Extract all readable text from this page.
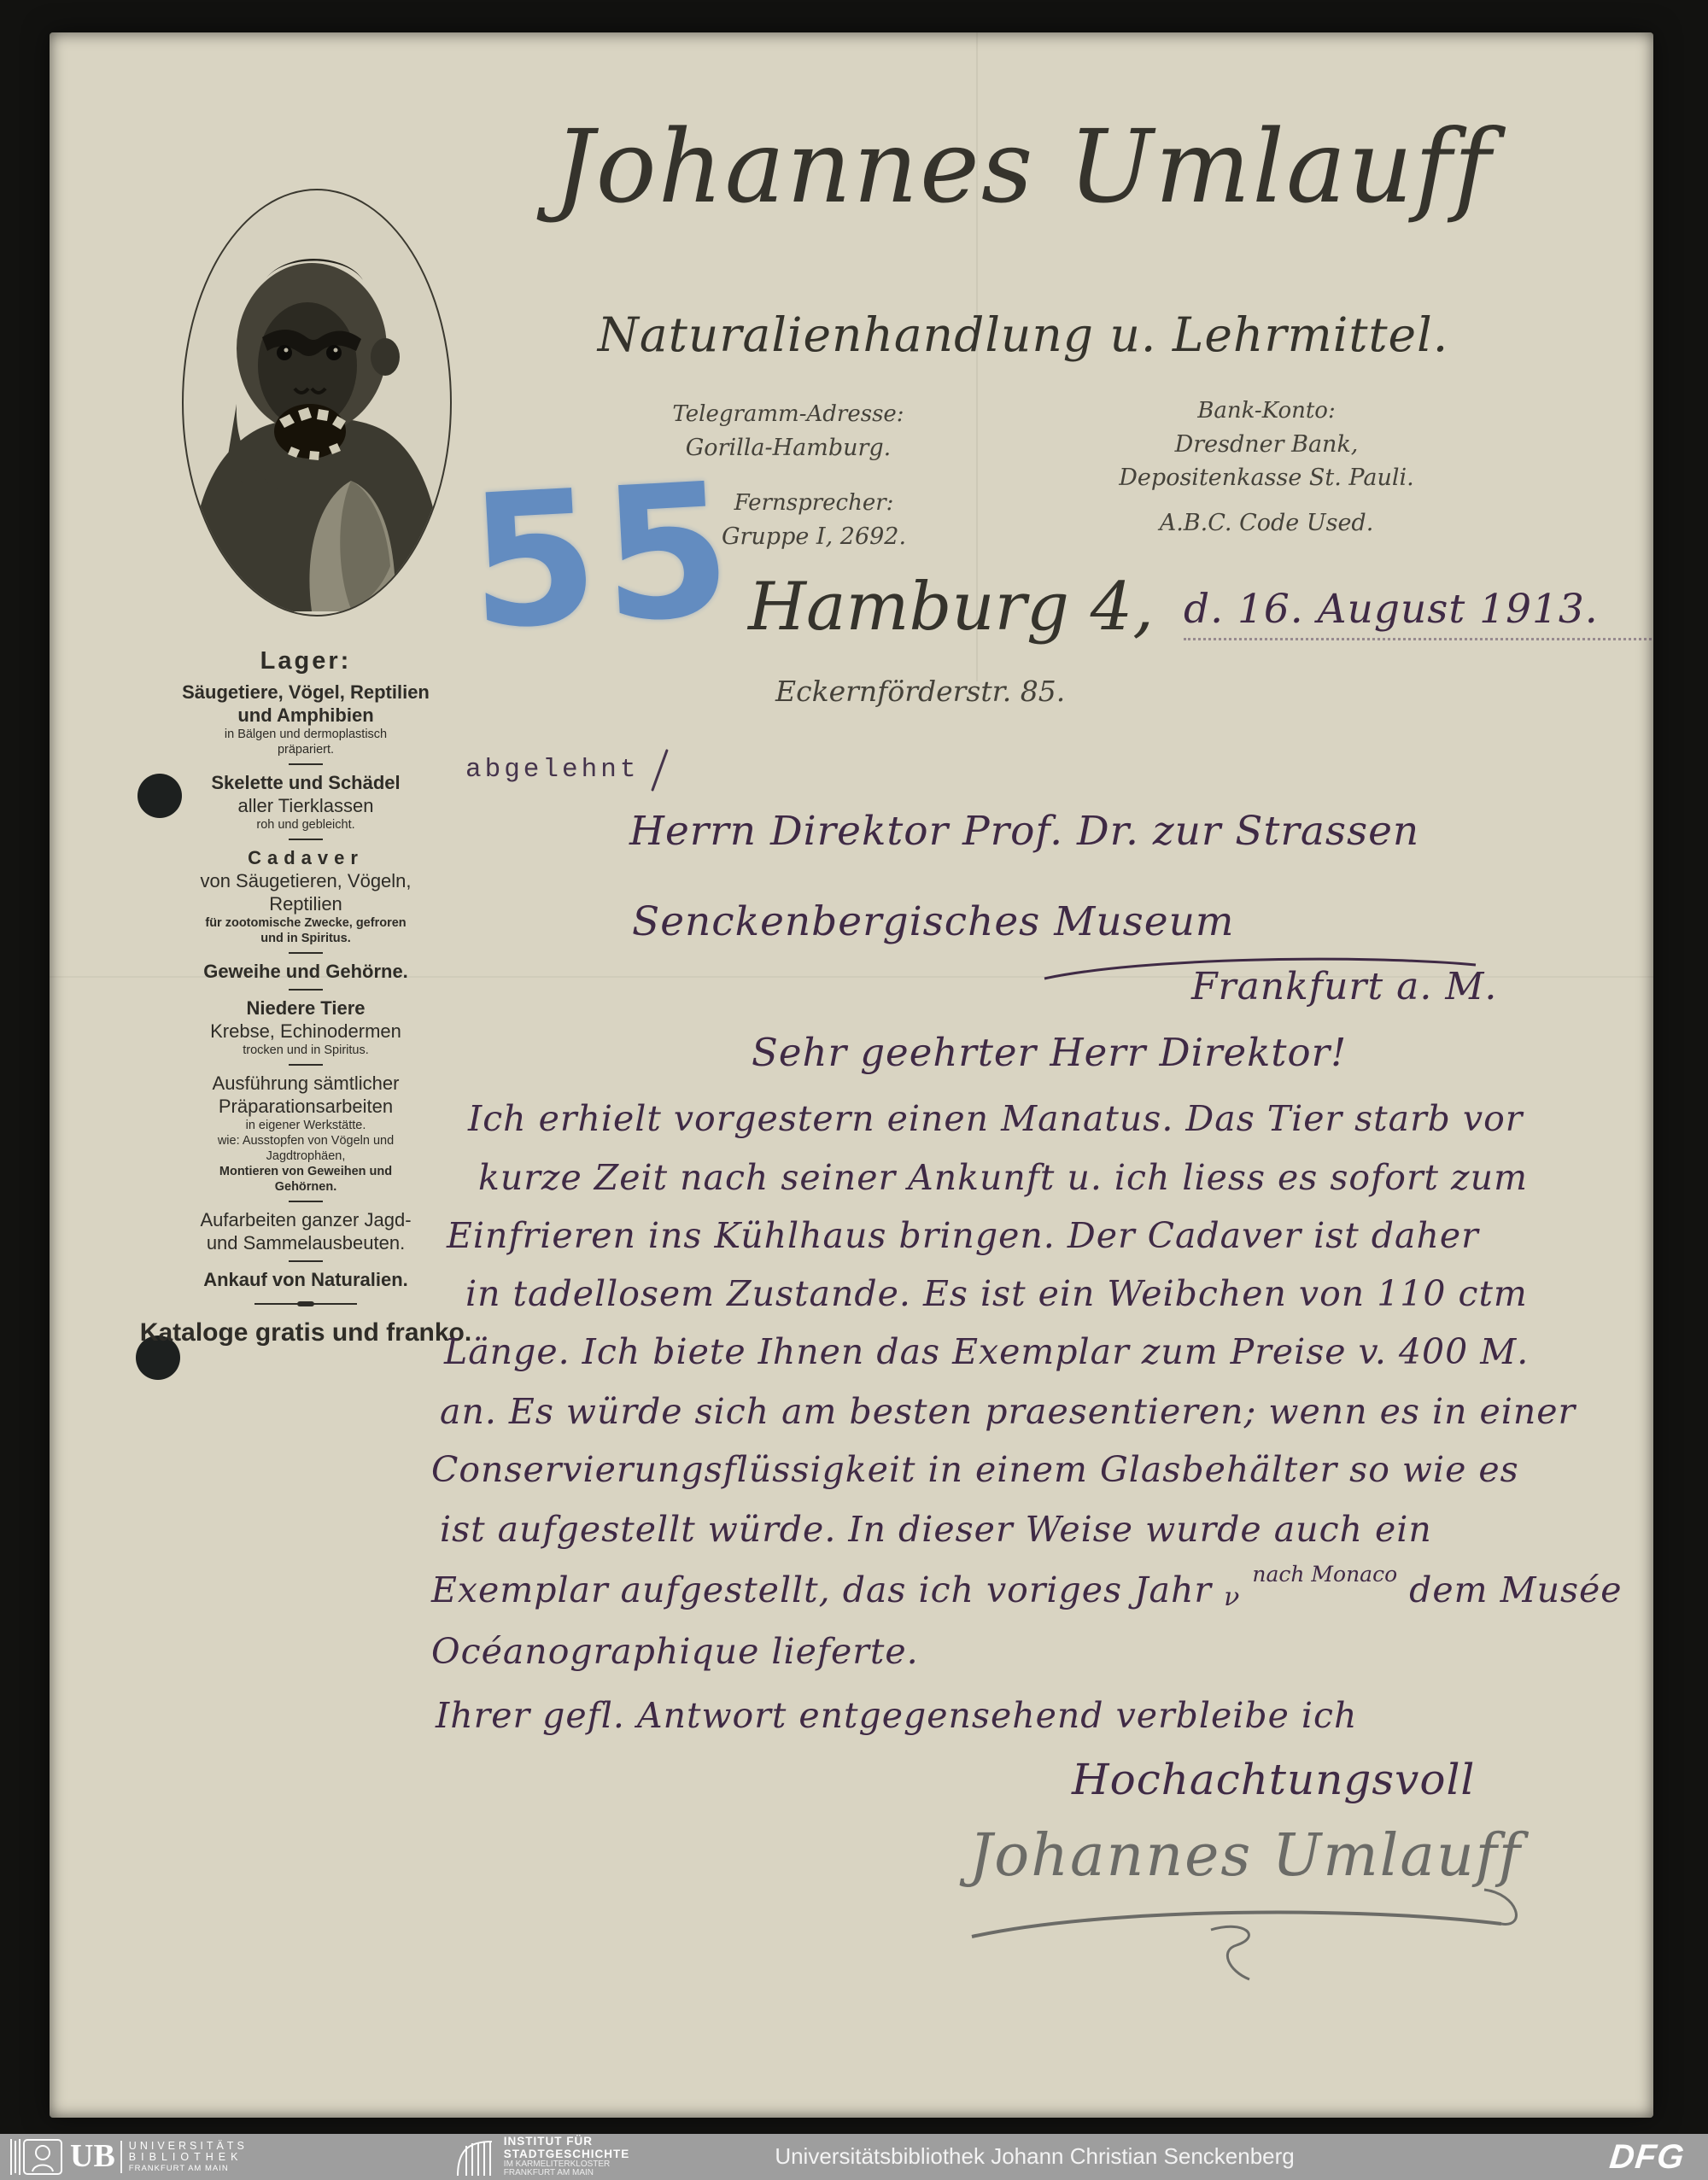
Johannes Umlauff
Naturalienhandlung u. Lehrmittel.
Telegramm-Adresse:
Gorilla-Hamburg.
Fernsprecher:
Gruppe I, 2692.
Bank-Konto:
Dresdner Bank,
Depositenkasse St. Pauli.
A.B.C. Code Used.
55 Hamburg 4, d. 16. August 1913.
Eckernförderstr. 85.
Lager:
Säugetiere, Vögel, Reptilien
und Amphibien
in Bälgen und dermoplastisch
präpariert.
Skelette und Schädel
aller Tierklassen
roh und gebleicht.
Cadaver
von Säugetieren, Vögeln,
Reptilien
für zootomische Zwecke, gefroren
und in Spiritus.
Geweihe und Gehörne.
Niedere Tiere
Krebse, Echinodermen
trocken und in Spiritus.
Ausführung sämtlicher
Präparationsarbeiten
in eigener Werkstätte.
wie: Ausstopfen von Vögeln und
Jagdtrophäen,
Montieren von Geweihen und
Gehörnen.
Aufarbeiten ganzer Jagd-
und Sammelausbeuten.
Ankauf von Naturalien.
Kataloge gratis und franko.
abgelehnt
Herrn Direktor Prof. Dr. zur Strassen
Senckenbergisches Museum
Frankfurt a. M.
Sehr geehrter Herr Direktor!
Ich erhielt vorgestern einen Manatus. Das Tier starb vor
kurze Zeit nach seiner Ankunft u. ich liess es sofort zum
Einfrieren ins Kühlhaus bringen. Der Cadaver ist daher
in tadellosem Zustande. Es ist ein Weibchen von 110 ctm
Länge. Ich biete Ihnen das Exemplar zum Preise v. 400 M.
an. Es würde sich am besten praesentieren; wenn es in einer
Conservierungsflüssigkeit in einem Glasbehälter so wie es
ist aufgestellt würde. In dieser Weise wurde auch ein
Exemplar aufgestellt, das ich voriges Jahr ν $^{nach Monaco}$ dem Musée
Océanographique lieferte.
Ihrer gefl. Antwort entgegensehend verbleibe ich
Hochachtungsvoll
Johannes Umlauff
UB UNIVERSITÄTS
BIBLIOTHEK
FRANKFURT AM MAIN
INSTITUT FÜR
STADTGESCHICHTE
IM KARMELITERKLOSTER
FRANKFURT AM MAIN
Universitätsbibliothek Johann Christian Senckenberg	DFG
